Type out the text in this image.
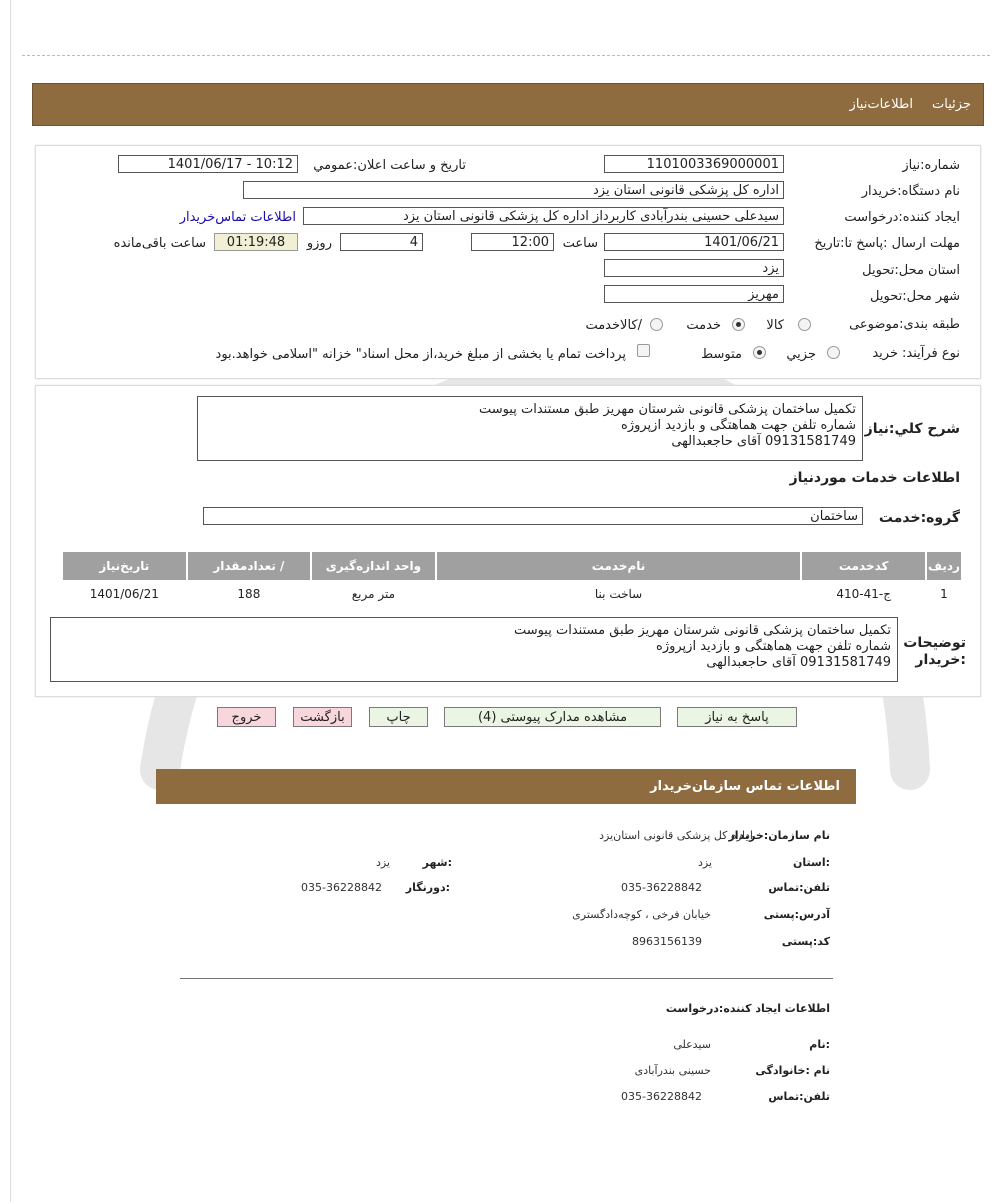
جزئیات
اطلاعات‌نیاز
شماره:نیاز
1101003369000001
تاریخ و ساعت اعلان:عمومي
1401/06/17 - 10:12
نام دستگاه:خریدار
اداره کل پزشکی قانونی استان یزد
ایجاد کننده:درخواست
سیدعلی حسینی بندرآبادی کاربرداز اداره کل پزشکی قانونی استان یزد
اطلاعات تماس‌خریدار
مهلت ارسال :پاسخ تا:تاریخ
1401/06/21
ساعت
12:00
4
روزو
01:19:48
ساعت باقی‌مانده
استان محل:تحویل
یزد
شهر محل:تحویل
مهریز
طبقه بندی:موضوعی
کالا
خدمت
/کالاخدمت
نوع فرآیند:
خرید
جزيي
متوسط
پرداخت تمام یا بخشی از مبلغ خرید،از محل اسناد" خزانه "اسلامی خواهد.بود
شرح كلي:نياز
تکمیل ساختمان پزشکی قانونی شرستان مهریز طبق مستندات پیوست
شماره تلفن جهت هماهتگی و بازدید ازپروژه
09131581749 آقای حاجعبدالهی
اطلاعات خدمات موردنیاز
گروه:خدمت
ساختمان
ردیف	کدخدمت	نام‌خدمت	واحد اندازه‌گیری	/ تعدادمقدار	تاریخ‌نیاز
1	ج-41-410	ساخت بنا	متر مربع	188	1401/06/21
توضیحات
:خریدار
تکمیل ساختمان پزشکی قانونی شرستان مهریز طبق مستندات پیوست
شماره تلفن جهت هماهتگی و بازدید ازپروژه
09131581749 آقای حاجعبدالهی
پاسخ به نیاز
مشاهده مدارک پیوستی (4)
چاپ
بازگشت
خروج
اطلاعات تماس سازمان‌خریدار
نام سازمان:خریدار
اداره کل پزشکی قانونی استان‌یزد
:استان
یزد
:شهر
یزد
تلفن:تماس
035-36228842
:دورنگار
035-36228842
آدرس:پستی
خیابان فرخی ، کوچه‌دادگستری
کد:پستی
8963156139
اطلاعات ایجاد کننده:درخواست
:نام
سیدعلی
نام :خانوادگی
حسینی بندرآبادی
تلفن:تماس
035-36228842
